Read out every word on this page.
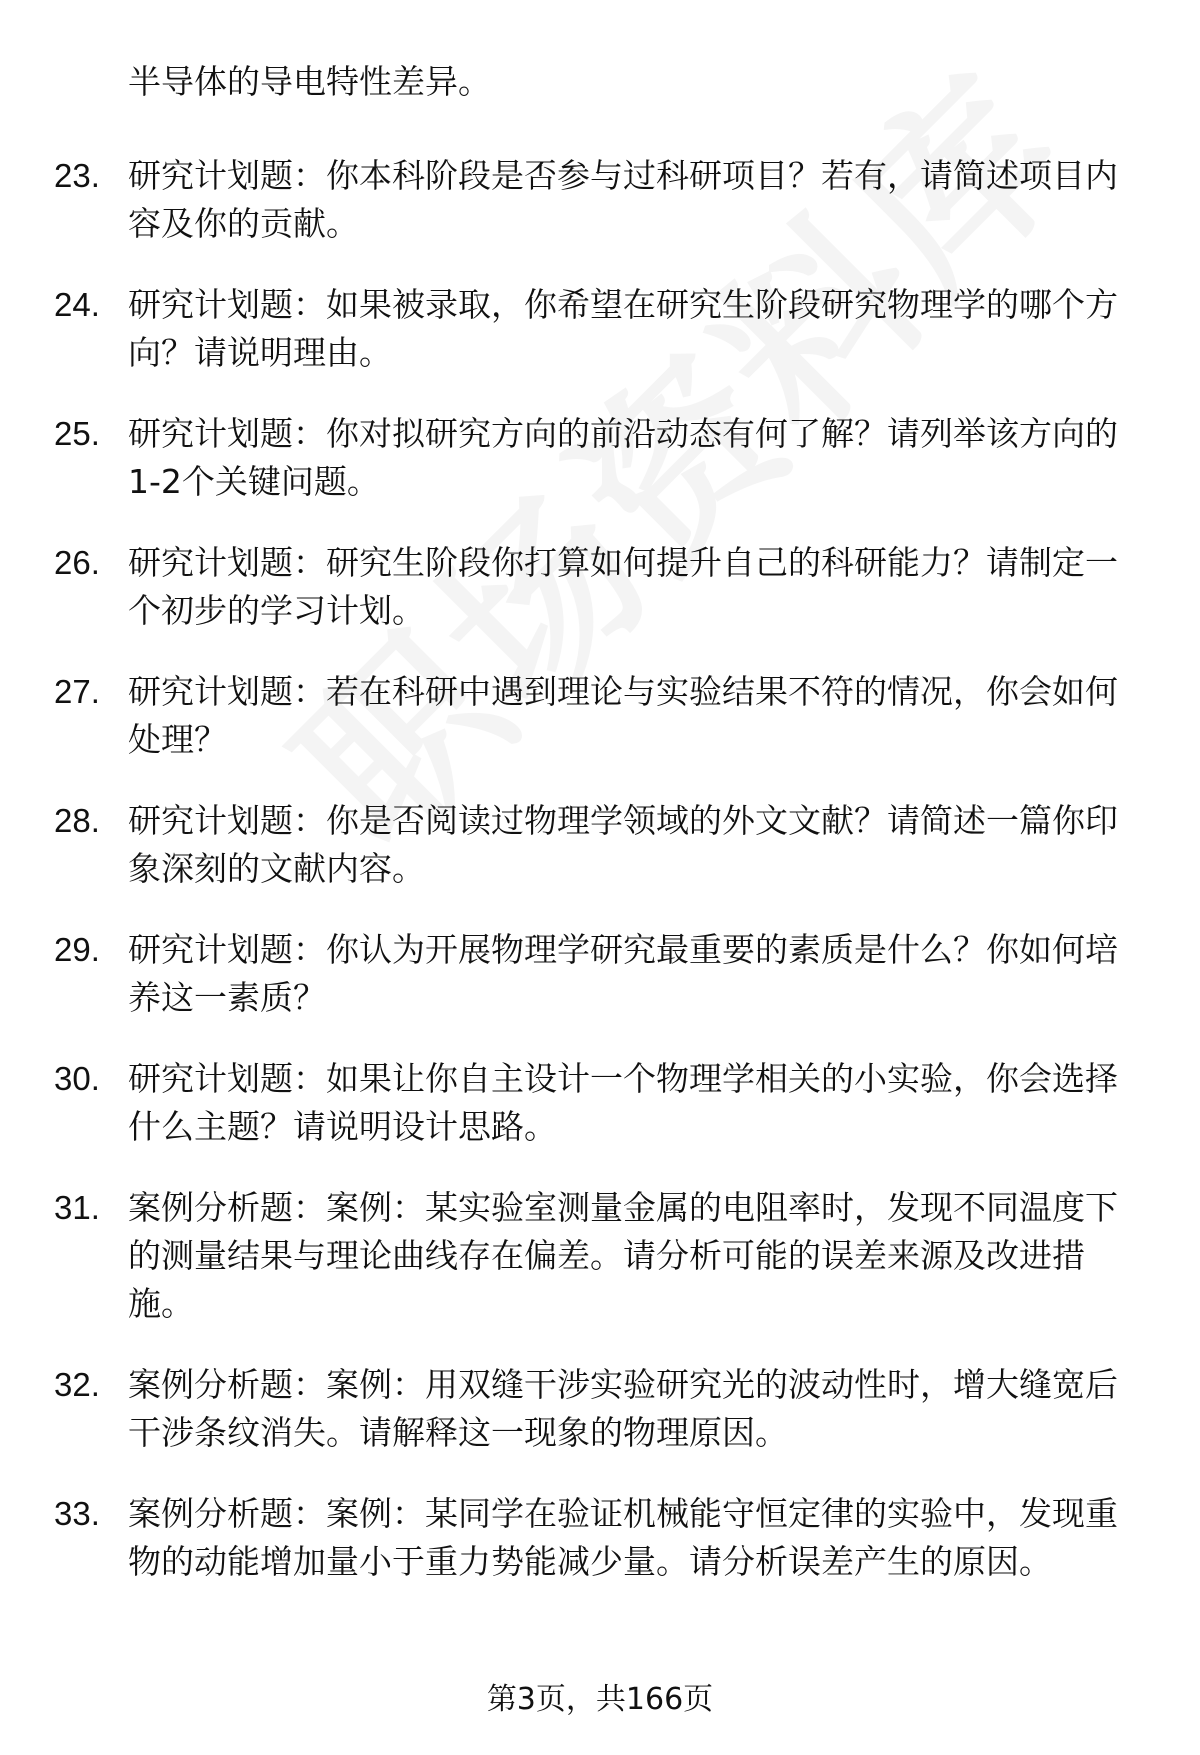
半导体的导电特性差异。
23. 研究计划题：你本科阶段是否参与过科研项目？若有，请简述项目内容及你的贡献。
24. 研究计划题：如果被录取，你希望在研究生阶段研究物理学的哪个方向？请说明理由。
25. 研究计划题：你对拟研究方向的前沿动态有何了解？请列举该方向的1-2个关键问题。
26. 研究计划题：研究生阶段你打算如何提升自己的科研能力？请制定一个初步的学习计划。
27. 研究计划题：若在科研中遇到理论与实验结果不符的情况，你会如何处理？
28. 研究计划题：你是否阅读过物理学领域的外文文献？请简述一篇你印象深刻的文献内容。
29. 研究计划题：你认为开展物理学研究最重要的素质是什么？你如何培养这一素质？
30. 研究计划题：如果让你自主设计一个物理学相关的小实验，你会选择什么主题？请说明设计思路。
31. 案例分析题：案例：某实验室测量金属的电阻率时，发现不同温度下的测量结果与理论曲线存在偏差。请分析可能的误差来源及改进措施。
32. 案例分析题：案例：用双缝干涉实验研究光的波动性时，增大缝宽后干涉条纹消失。请解释这一现象的物理原因。
33. 案例分析题：案例：某同学在验证机械能守恒定律的实验中，发现重物的动能增加量小于重力势能减少量。请分析误差产生的原因。
第3页，共166页
